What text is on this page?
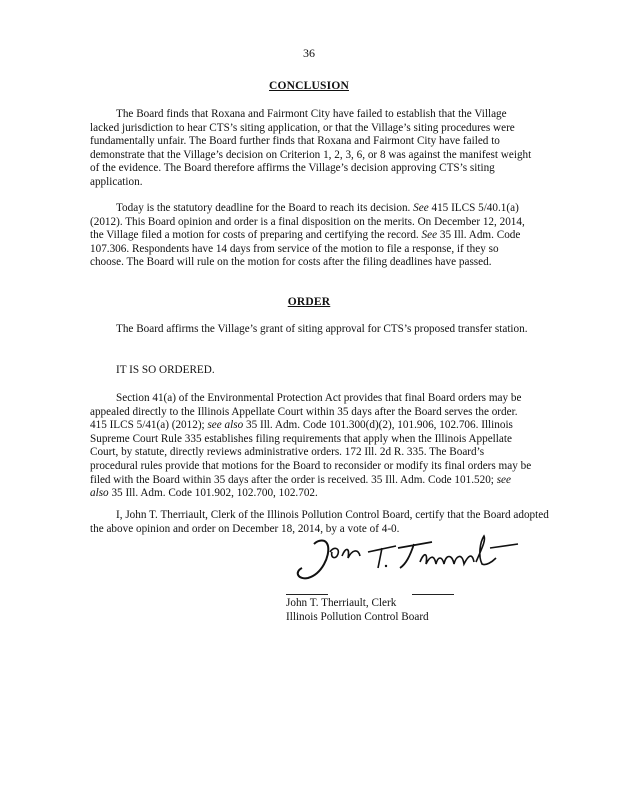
36
CONCLUSION

The Board finds that Roxana and Fairmont City have failed to establish that the Village lacked jurisdiction to hear CTS’s siting application, or that the Village’s siting procedures were fundamentally unfair. The Board further finds that Roxana and Fairmont City have failed to demonstrate that the Village’s decision on Criterion 1, 2, 3, 6, or 8 was against the manifest weight of the evidence. The Board therefore affirms the Village’s decision approving CTS’s siting application.

Today is the statutory deadline for the Board to reach its decision. See 415 ILCS 5/40.1(a) (2012). This Board opinion and order is a final disposition on the merits. On December 12, 2014, the Village filed a motion for costs of preparing and certifying the record. See 35 Ill. Adm. Code 107.306. Respondents have 14 days from service of the motion to file a response, if they so choose. The Board will rule on the motion for costs after the filing deadlines have passed.

ORDER

The Board affirms the Village’s grant of siting approval for CTS’s proposed transfer station.

IT IS SO ORDERED.

Section 41(a) of the Environmental Protection Act provides that final Board orders may be appealed directly to the Illinois Appellate Court within 35 days after the Board serves the order. 415 ILCS 5/41(a) (2012); see also 35 Ill. Adm. Code 101.300(d)(2), 101.906, 102.706. Illinois Supreme Court Rule 335 establishes filing requirements that apply when the Illinois Appellate Court, by statute, directly reviews administrative orders. 172 Ill. 2d R. 335. The Board’s procedural rules provide that motions for the Board to reconsider or modify its final orders may be filed with the Board within 35 days after the order is received. 35 Ill. Adm. Code 101.520; see also 35 Ill. Adm. Code 101.902, 102.700, 102.702.

I, John T. Therriault, Clerk of the Illinois Pollution Control Board, certify that the Board adopted the above opinion and order on December 18, 2014, by a vote of 4-0.

John T. Therriault, Clerk
Illinois Pollution Control Board
